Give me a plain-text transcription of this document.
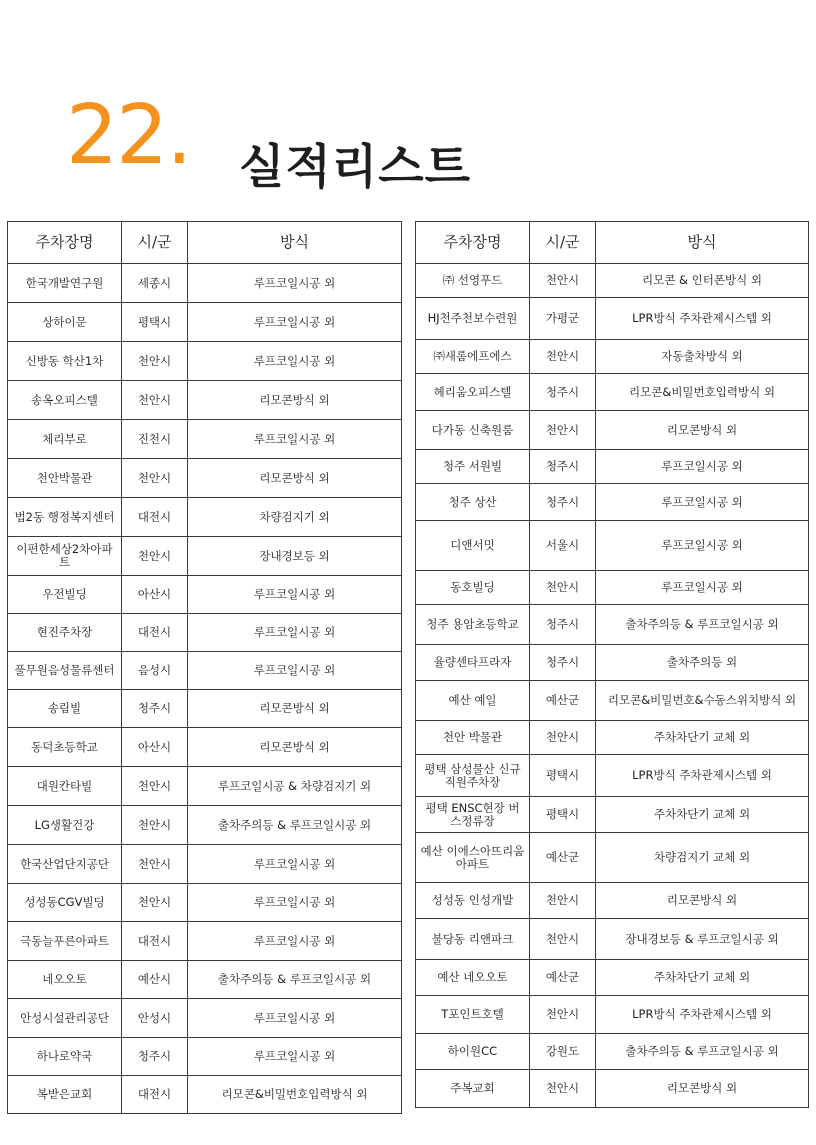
22. 실적리스트
주차장명	시/군	방식
한국개발연구원	세종시	루프코일시공 외
상하이문	평택시	루프코일시공 외
신방동 학산1차	천안시	루프코일시공 외
송옥오피스텔	천안시	리모콘방식 외
체리부로	진천시	루프코일시공 외
천안박물관	천안시	리모콘방식 외
법2동 행정복지센터	대전시	차량검지기 외
이편한세상2차아파트	천안시	장내경보등 외
우전빌딩	아산시	루프코일시공 외
현진주차장	대전시	루프코일시공 외
풀무원음성물류센터	음성시	루프코일시공 외
송림빌	청주시	리모콘방식 외
동덕초등학교	아산시	리모콘방식 외
대원칸타빌	천안시	루프코일시공 & 차량검지기 외
LG생활건강	천안시	출차주의등 & 루프코일시공 외
한국산업단지공단	천안시	루프코일시공 외
성성동CGV빌딩	천안시	루프코일시공 외
극동늘푸른아파트	대전시	루프코일시공 외
네오오토	예산시	출차주의등 & 루프코일시공 외
안성시설관리공단	안성시	루프코일시공 외
하나로약국	청주시	루프코일시공 외
복받은교회	대전시	리모콘&비밀번호입력방식 외
주차장명	시/군	방식
㈜ 선영푸드	천안시	리모콘 & 인터폰방식 외
HJ천주천보수련원	가평군	LPR방식 주차관제시스템 외
㈜새롬에프에스	천안시	자동출차방식 외
헤리움오피스텔	청주시	리모콘&비밀번호입력방식 외
다가동 신축원룸	천안시	리모콘방식 외
청주 서원빌	청주시	루프코일시공 외
청주 상산	청주시	루프코일시공 외
디앤서밋	서울시	루프코일시공 외
동호빌딩	천안시	루프코일시공 외
청주 용암초등학교	청주시	출차주의등 & 루프코일시공 외
율량센타프라자	청주시	출차주의등 외
예산 예일	예산군	리모콘&비밀번호&수동스위치방식 외
천안 박물관	천안시	주차차단기 교체 외
평택 삼성물산 신규직원주차장	평택시	LPR방식 주차관제시스템 외
평택 ENSC현장 버스정류장	평택시	주차차단기 교체 외
예산 이에스아뜨리움아파트	예산군	차량검지기 교체 외
성성동 인성개발	천안시	리모콘방식 외
불당동 리앤파크	천안시	장내경보등 & 루프코일시공 외
예산 네오오토	예산군	주차차단기 교체 외
T포인트호텔	천안시	LPR방식 주차관제시스템 외
하이원CC	강원도	출차주의등 & 루프코일시공 외
주복교회	천안시	리모콘방식 외
